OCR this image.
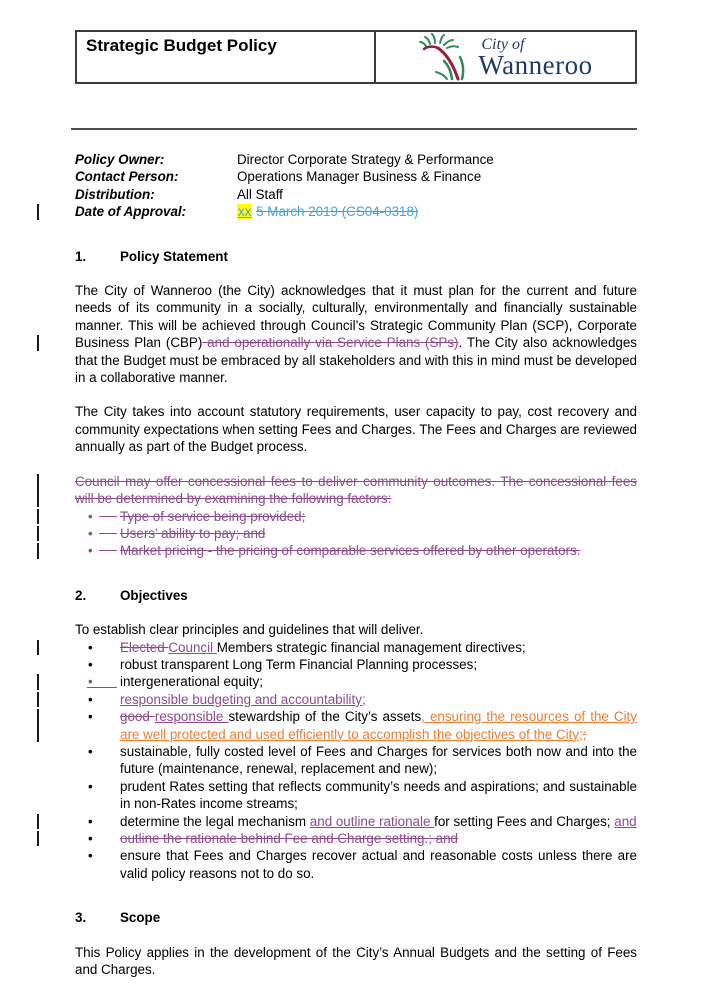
Strategic Budget Policy	City of
Wanneroo
Policy Owner:	Director Corporate Strategy & Performance
Contact Person:	Operations Manager Business & Finance
Distribution:	All Staff
Date of Approval:	xx 5 March 2019 (CS04-0318)
1.	Policy Statement

The City of Wanneroo (the City) acknowledges that it must plan for the current and future needs of its community in a socially, culturally, environmentally and financially sustainable manner. This will be achieved through Council’s Strategic Community Plan (SCP), Corporate Business Plan (CBP) and operationally via Service Plans (SPs). The City also acknowledges that the Budget must be embraced by all stakeholders and with this in mind must be developed in a collaborative manner.

The City takes into account statutory requirements, user capacity to pay, cost recovery and community expectations when setting Fees and Charges. The Fees and Charges are reviewed annually as part of the Budget process.

Council may offer concessional fees to deliver community outcomes. The concessional fees will be determined by examining the following factors:

•	Type of service being provided;
•	Users’ ability to pay; and
•	Market pricing - the pricing of comparable services offered by other operators.
2.	Objectives

To establish clear principles and guidelines that will deliver.

•	Elected Council Members strategic financial management directives;
•	robust transparent Long Term Financial Planning processes;
•	intergenerational equity;
•	responsible budgeting and accountability;
•	good responsible stewardship of the City’s assets, ensuring the resources of the City are well protected and used efficiently to accomplish the objectives of the City;;
•	sustainable, fully costed level of Fees and Charges for services both now and into the future (maintenance, renewal, replacement and new);
•	prudent Rates setting that reflects community’s needs and aspirations; and sustainable in non-Rates income streams;
•	determine the legal mechanism and outline rationale for setting Fees and Charges; and
•	outline the rationale behind Fee and Charge setting.; and
•	ensure that Fees and Charges recover actual and reasonable costs unless there are valid policy reasons not to do so.
3.	Scope

This Policy applies in the development of the City’s Annual Budgets and the setting of Fees and Charges.
